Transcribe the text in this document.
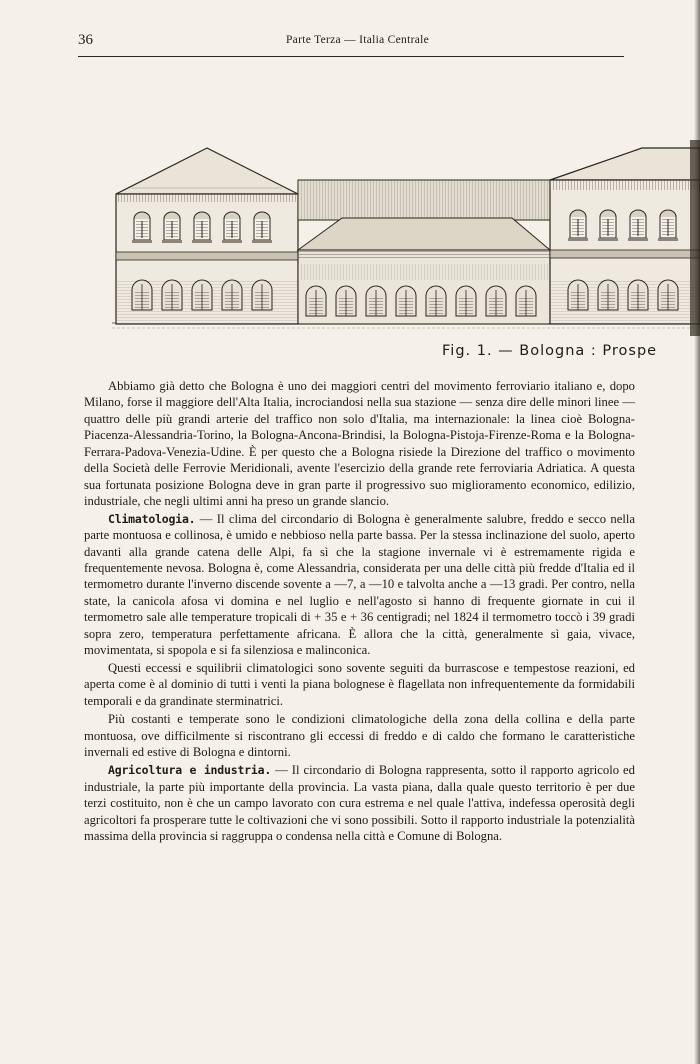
36	Parte Terza — Italia Centrale
Fig. 1. — Bologna : Prospe

Abbiamo già detto che Bologna è uno dei maggiori centri del movimento ferroviario italiano e, dopo Milano, forse il maggiore dell'Alta Italia, incrociandosi nella sua stazione — senza dire delle minori linee — quattro delle più grandi arterie del traffico non solo d'Italia, ma internazionale: la linea cioè Bologna-Piacenza-Alessandria-Torino, la Bologna-Ancona-Brindisi, la Bologna-Pistoja-Firenze-Roma e la Bologna-Ferrara-Padova-Venezia-Udine. È per questo che a Bologna risiede la Direzione del traffico o movimento della Società delle Ferrovie Meridionali, avente l'esercizio della grande rete ferroviaria Adriatica. A questa sua fortunata posizione Bologna deve in gran parte il progressivo suo miglioramento economico, edilizio, industriale, che negli ultimi anni ha preso un grande slancio.

Climatologia. — Il clima del circondario di Bologna è generalmente salubre, freddo e secco nella parte montuosa e collinosa, è umido e nebbioso nella parte bassa. Per la stessa inclinazione del suolo, aperto davanti alla grande catena delle Alpi, fa sì che la stagione invernale vi è estremamente rigida e frequentemente nevosa. Bologna è, come Alessandria, considerata per una delle città più fredde d'Italia ed il termometro durante l'inverno discende sovente a —7, a —10 e talvolta anche a —13 gradi. Per contro, nella state, la canicola afosa vi domina e nel luglio e nell'agosto si hanno di frequente giornate in cui il termometro sale alle temperature tropicali di + 35 e + 36 centigradi; nel 1824 il termometro toccò i 39 gradi sopra zero, temperatura perfettamente africana. È allora che la città, generalmente sì gaia, vivace, movimentata, si spopola e si fa silenziosa e malinconica.

Questi eccessi e squilibrii climatologici sono sovente seguiti da burrascose e tempestose reazioni, ed aperta come è al dominio di tutti i venti la piana bolognese è flagellata non infrequentemente da formidabili temporali e da grandinate sterminatrici.

Più costanti e temperate sono le condizioni climatologiche della zona della collina e della parte montuosa, ove difficilmente si riscontrano gli eccessi di freddo e di caldo che formano le caratteristiche invernali ed estive di Bologna e dintorni.

Agricoltura e industria. — Il circondario di Bologna rappresenta, sotto il rapporto agricolo ed industriale, la parte più importante della provincia. La vasta piana, dalla quale questo territorio è per due terzi costituito, non è che un campo lavorato con cura estrema e nel quale l'attiva, indefessa operosità degli agricoltori fa prosperare tutte le coltivazioni che vi sono possibili. Sotto il rapporto industriale la potenzialità massima della provincia si raggruppa o condensa nella città e Comune di Bologna.
